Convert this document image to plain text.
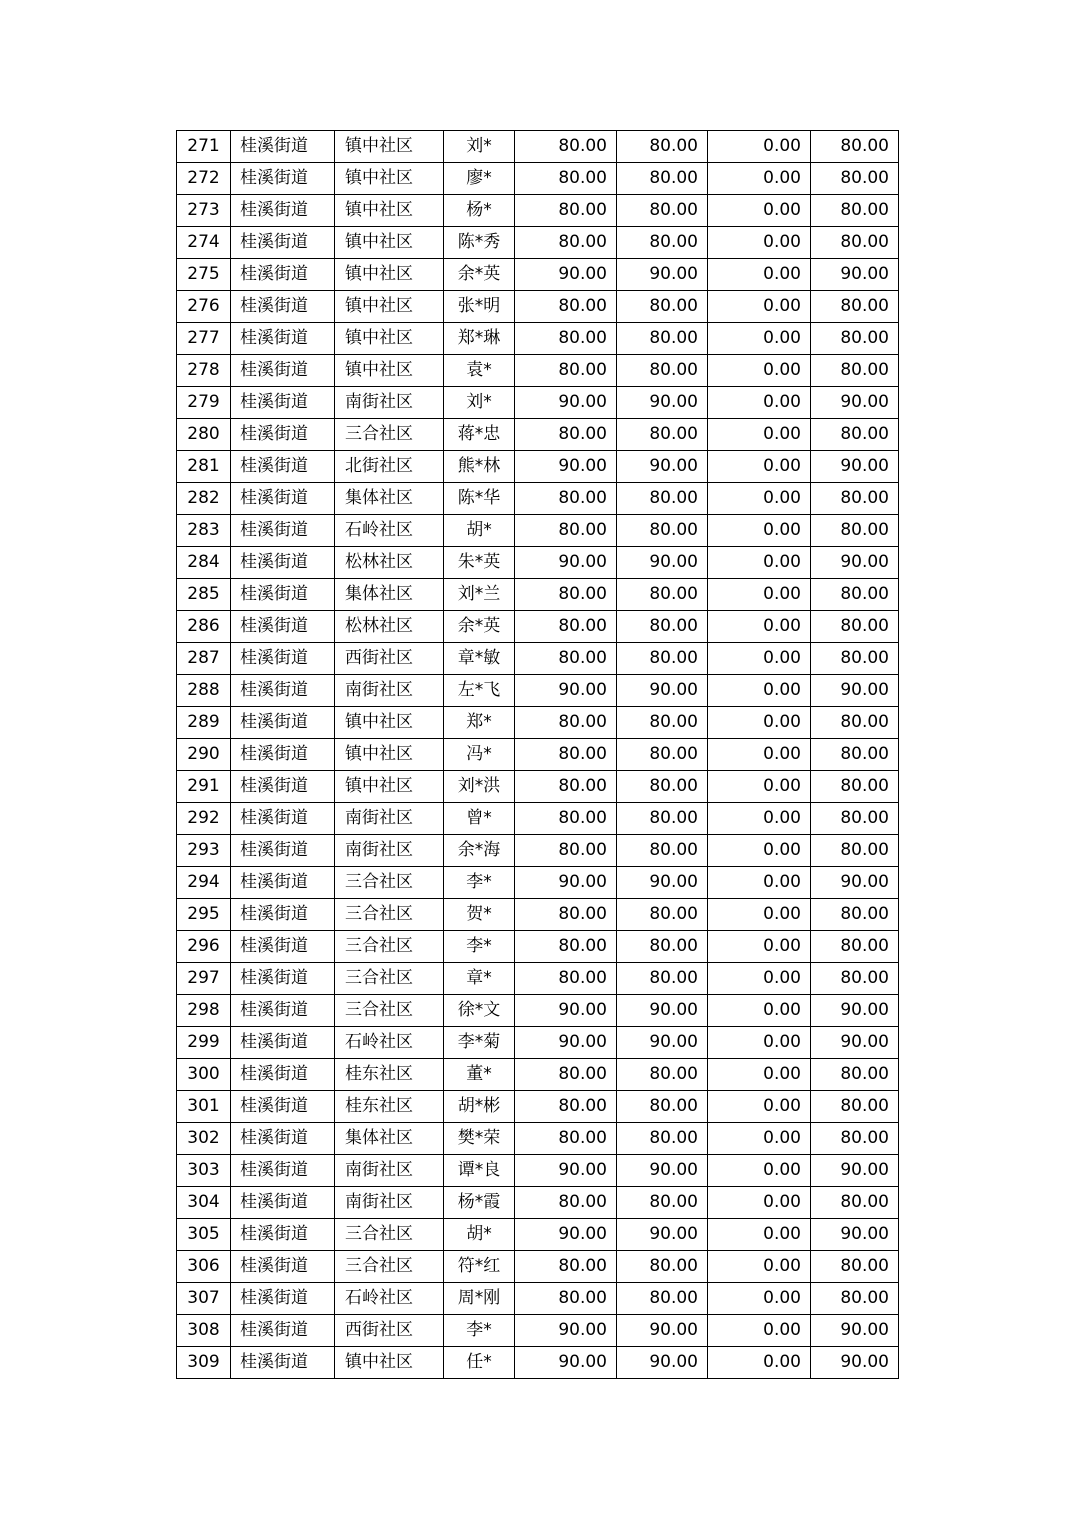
271	桂溪街道	镇中社区	刘*	80.00	80.00	0.00	80.00
272	桂溪街道	镇中社区	廖*	80.00	80.00	0.00	80.00
273	桂溪街道	镇中社区	杨*	80.00	80.00	0.00	80.00
274	桂溪街道	镇中社区	陈*秀	80.00	80.00	0.00	80.00
275	桂溪街道	镇中社区	余*英	90.00	90.00	0.00	90.00
276	桂溪街道	镇中社区	张*明	80.00	80.00	0.00	80.00
277	桂溪街道	镇中社区	郑*琳	80.00	80.00	0.00	80.00
278	桂溪街道	镇中社区	袁*	80.00	80.00	0.00	80.00
279	桂溪街道	南街社区	刘*	90.00	90.00	0.00	90.00
280	桂溪街道	三合社区	蒋*忠	80.00	80.00	0.00	80.00
281	桂溪街道	北街社区	熊*林	90.00	90.00	0.00	90.00
282	桂溪街道	集体社区	陈*华	80.00	80.00	0.00	80.00
283	桂溪街道	石岭社区	胡*	80.00	80.00	0.00	80.00
284	桂溪街道	松林社区	朱*英	90.00	90.00	0.00	90.00
285	桂溪街道	集体社区	刘*兰	80.00	80.00	0.00	80.00
286	桂溪街道	松林社区	余*英	80.00	80.00	0.00	80.00
287	桂溪街道	西街社区	章*敏	80.00	80.00	0.00	80.00
288	桂溪街道	南街社区	左*飞	90.00	90.00	0.00	90.00
289	桂溪街道	镇中社区	郑*	80.00	80.00	0.00	80.00
290	桂溪街道	镇中社区	冯*	80.00	80.00	0.00	80.00
291	桂溪街道	镇中社区	刘*洪	80.00	80.00	0.00	80.00
292	桂溪街道	南街社区	曾*	80.00	80.00	0.00	80.00
293	桂溪街道	南街社区	余*海	80.00	80.00	0.00	80.00
294	桂溪街道	三合社区	李*	90.00	90.00	0.00	90.00
295	桂溪街道	三合社区	贺*	80.00	80.00	0.00	80.00
296	桂溪街道	三合社区	李*	80.00	80.00	0.00	80.00
297	桂溪街道	三合社区	章*	80.00	80.00	0.00	80.00
298	桂溪街道	三合社区	徐*文	90.00	90.00	0.00	90.00
299	桂溪街道	石岭社区	李*菊	90.00	90.00	0.00	90.00
300	桂溪街道	桂东社区	董*	80.00	80.00	0.00	80.00
301	桂溪街道	桂东社区	胡*彬	80.00	80.00	0.00	80.00
302	桂溪街道	集体社区	樊*荣	80.00	80.00	0.00	80.00
303	桂溪街道	南街社区	谭*良	90.00	90.00	0.00	90.00
304	桂溪街道	南街社区	杨*霞	80.00	80.00	0.00	80.00
305	桂溪街道	三合社区	胡*	90.00	90.00	0.00	90.00
306	桂溪街道	三合社区	符*红	80.00	80.00	0.00	80.00
307	桂溪街道	石岭社区	周*刚	80.00	80.00	0.00	80.00
308	桂溪街道	西街社区	李*	90.00	90.00	0.00	90.00
309	桂溪街道	镇中社区	任*	90.00	90.00	0.00	90.00
